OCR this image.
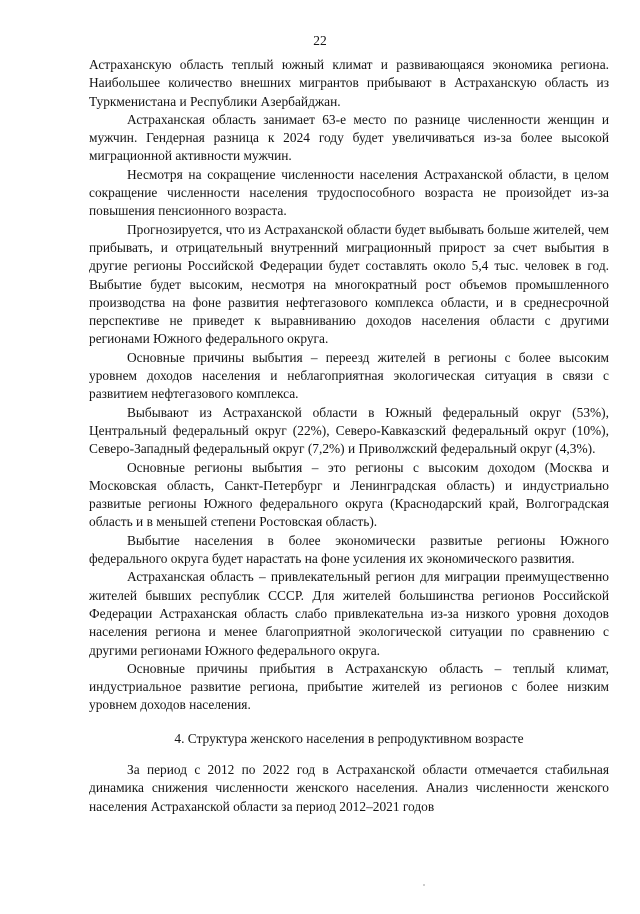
22

Астраханскую область теплый южный климат и развивающаяся экономика региона. Наибольшее количество внешних мигрантов прибывают в Астраханскую область из Туркменистана и Республики Азербайджан.

Астраханская область занимает 63-е место по разнице численности женщин и мужчин. Гендерная разница к 2024 году будет увеличиваться из-за более высокой миграционной активности мужчин.

Несмотря на сокращение численности населения Астраханской области, в целом сокращение численности населения трудоспособного возраста не произойдет из-за повышения пенсионного возраста.

Прогнозируется, что из Астраханской области будет выбывать больше жителей, чем прибывать, и отрицательный внутренний миграционный прирост за счет выбытия в другие регионы Российской Федерации будет составлять около 5,4 тыс. человек в год. Выбытие будет высоким, несмотря на многократный рост объемов промышленного производства на фоне развития нефтегазового комплекса области, и в среднесрочной перспективе не приведет к выравниванию доходов населения области с другими регионами Южного федерального округа.

Основные причины выбытия – переезд жителей в регионы с более высоким уровнем доходов населения и неблагоприятная экологическая ситуация в связи с развитием нефтегазового комплекса.

Выбывают из Астраханской области в Южный федеральный округ (53%), Центральный федеральный округ (22%), Северо-Кавказский федеральный округ (10%), Северо-Западный федеральный округ (7,2%) и Приволжский федеральный округ (4,3%).

Основные регионы выбытия – это регионы с высоким доходом (Москва и Московская область, Санкт-Петербург и Ленинградская область) и индустриально развитые регионы Южного федерального округа (Краснодарский край, Волгоградская область и в меньшей степени Ростовская область).

Выбытие населения в более экономически развитые регионы Южного федерального округа будет нарастать на фоне усиления их экономического развития.

Астраханская область – привлекательный регион для миграции преимущественно жителей бывших республик СССР. Для жителей большинства регионов Российской Федерации Астраханская область слабо привлекательна из-за низкого уровня доходов населения региона и менее благоприятной экологической ситуации по сравнению с другими регионами Южного федерального округа.

Основные причины прибытия в Астраханскую область – теплый климат, индустриальное развитие региона, прибытие жителей из регионов с более низким уровнем доходов населения.

4. Структура женского населения в репродуктивном возрасте

За период с 2012 по 2022 год в Астраханской области отмечается стабильная динамика снижения численности женского населения. Анализ численности женского населения Астраханской области за период 2012–2021 годов
